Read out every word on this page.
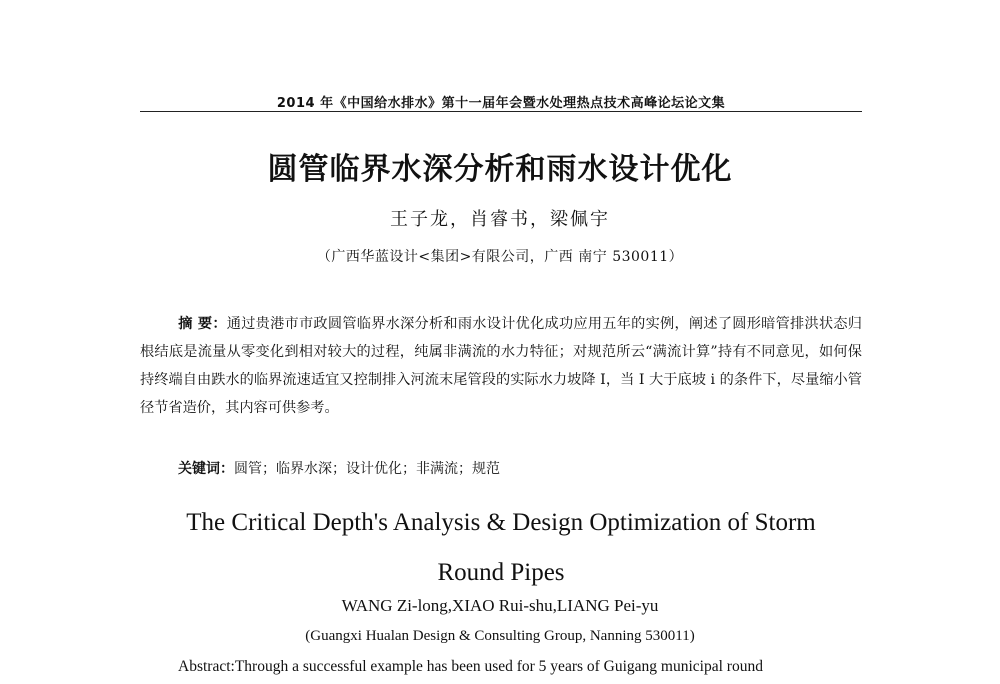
2014 年《中国给水排水》第十一届年会暨水处理热点技术高峰论坛论文集
圆管临界水深分析和雨水设计优化
王子龙，肖睿书，梁佩宇
（广西华蓝设计<集团>有限公司，广西 南宁 530011）
摘 要：通过贵港市市政圆管临界水深分析和雨水设计优化成功应用五年的实例，阐述了圆形暗管排洪状态归根结底是流量从零变化到相对较大的过程，纯属非满流的水力特征；对规范所云“满流计算”持有不同意见，如何保持终端自由跌水的临界流速适宜又控制排入河流末尾管段的实际水力坡降 I，当 I 大于底坡 i 的条件下，尽量缩小管径节省造价，其内容可供参考。
关键词：圆管；临界水深；设计优化；非满流；规范
The Critical Depth's Analysis & Design Optimization of Storm
Round Pipes
WANG Zi-long,XIAO Rui-shu,LIANG Pei-yu
(Guangxi Hualan Design & Consulting Group, Nanning 530011)
Abstract:Through a successful example has been used for 5 years of Guigang municipal round
